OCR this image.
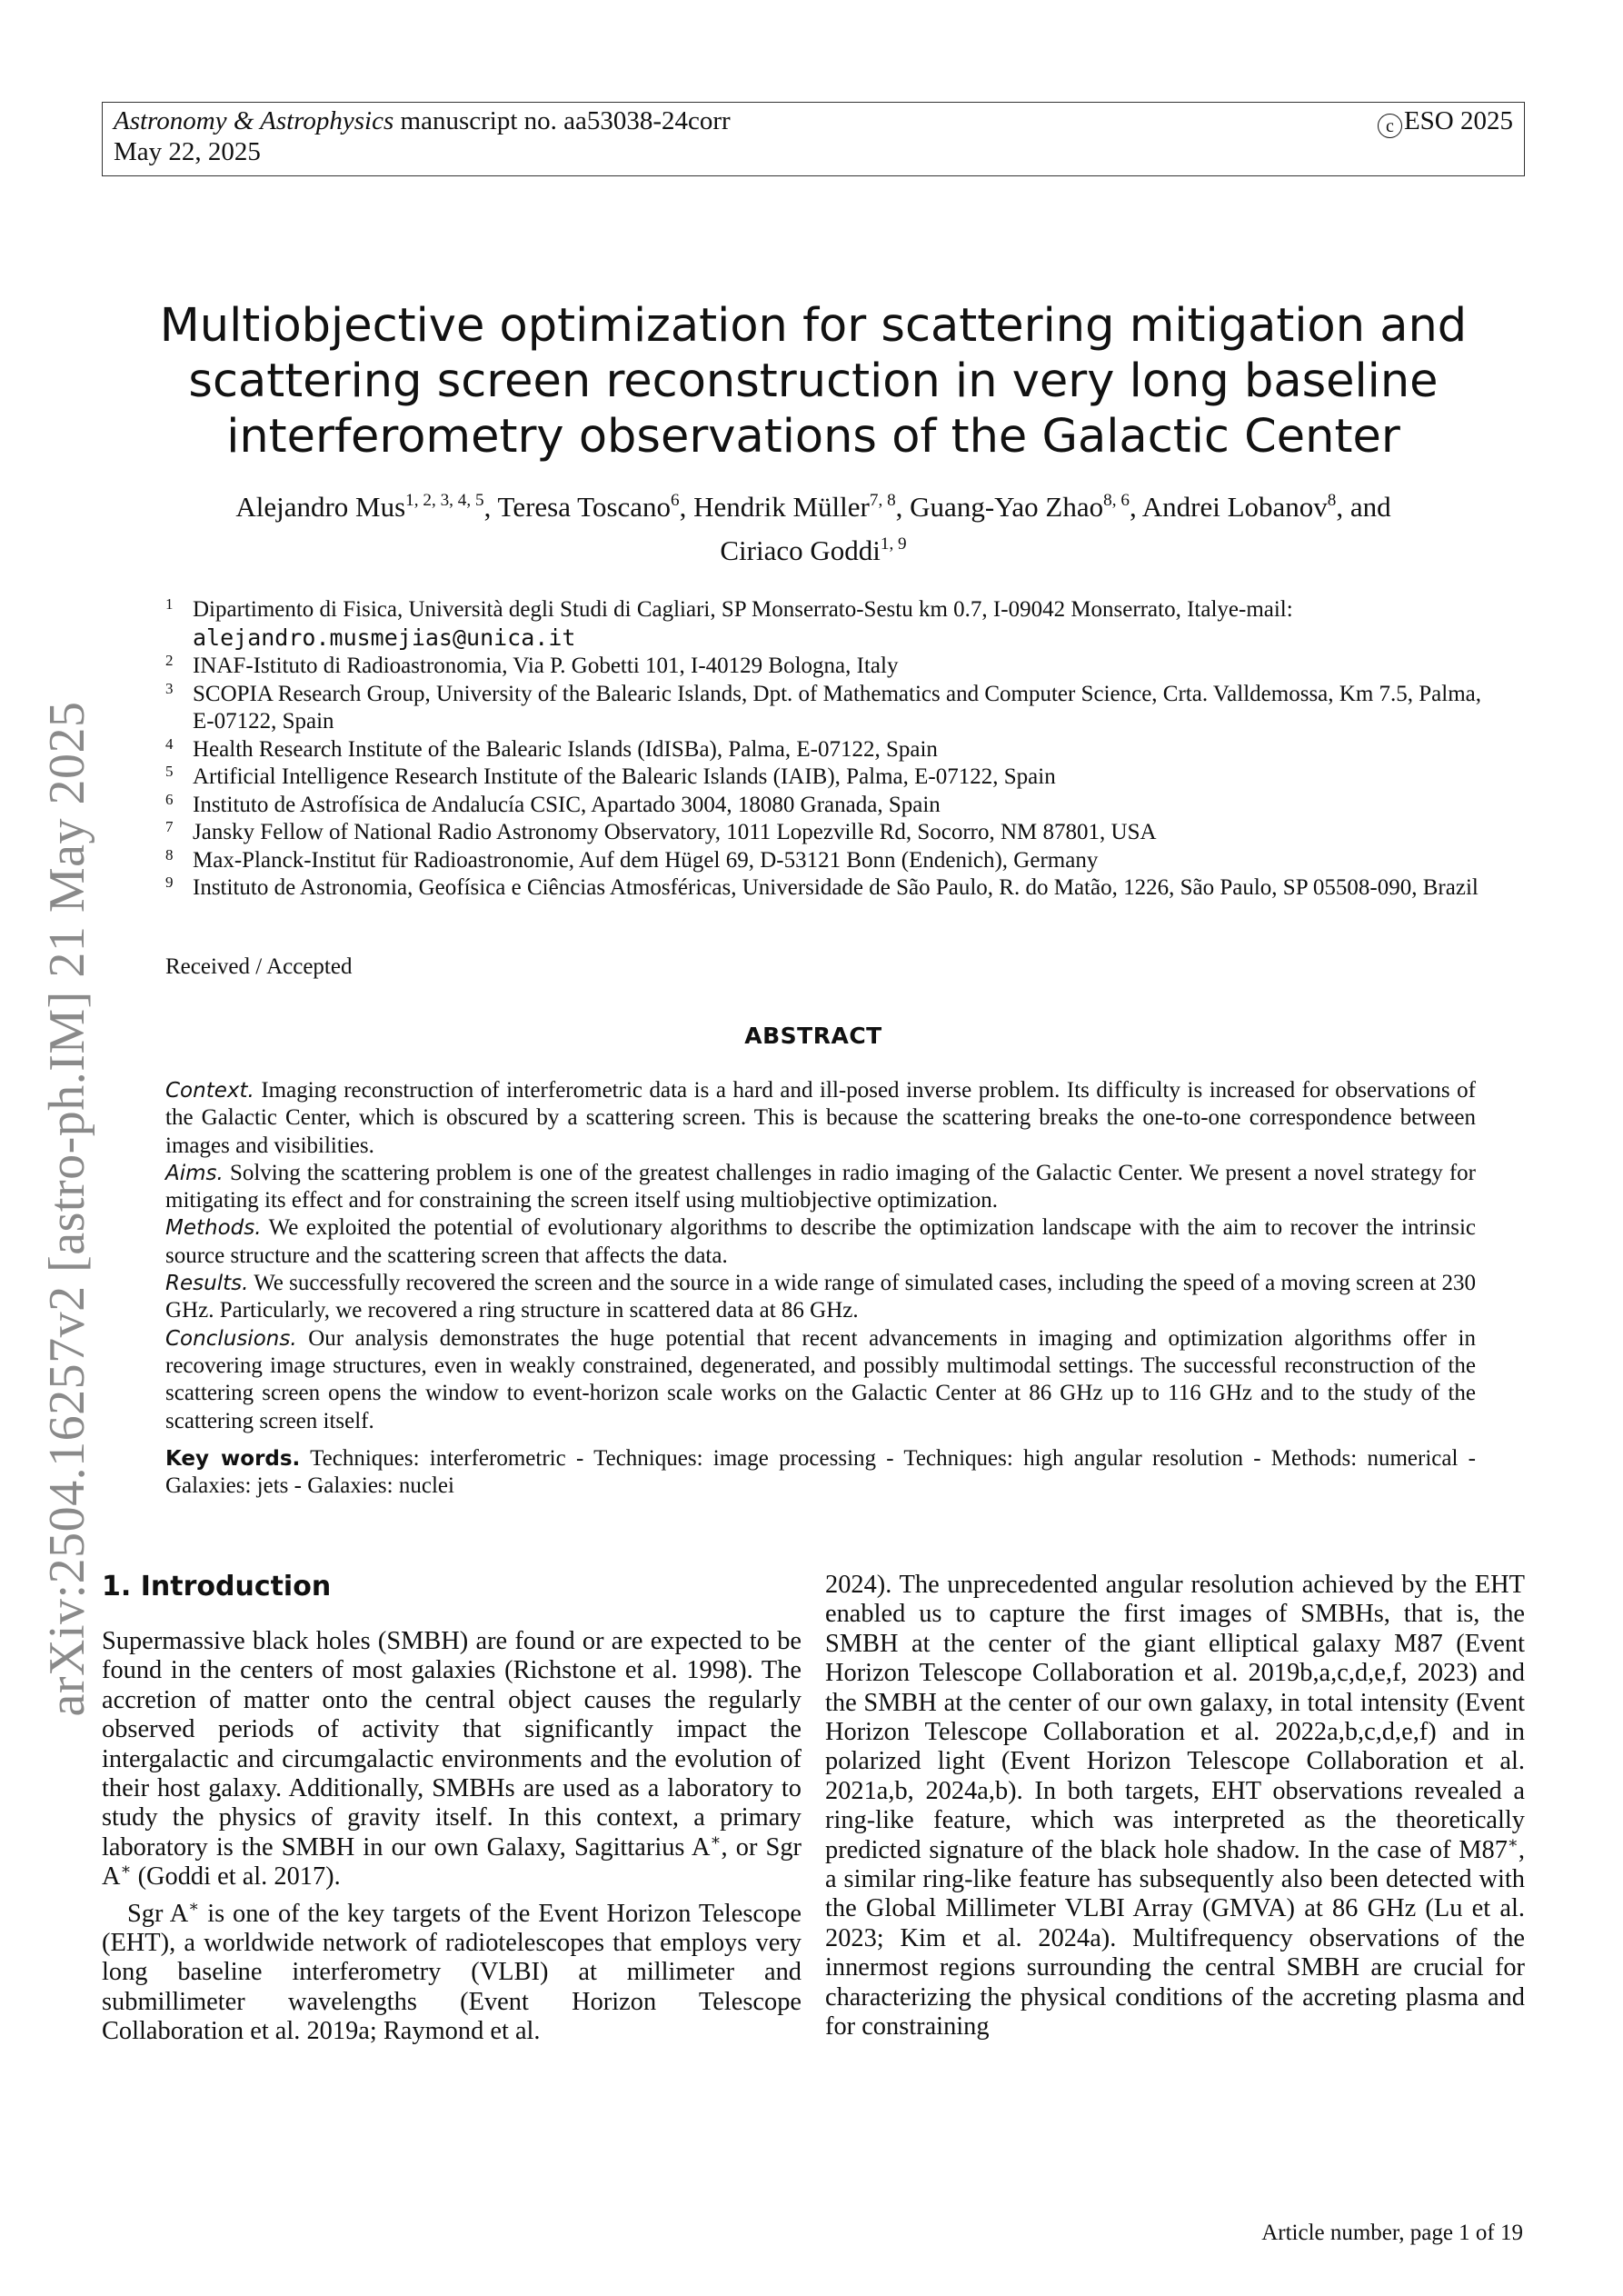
Astronomy & Astrophysics manuscript no. aa53038-24corr
May 22, 2025
c ESO 2025
arXiv:2504.16257v2 [astro-ph.IM] 21 May 2025
Multiobjective optimization for scattering mitigation and scattering screen reconstruction in very long baseline interferometry observations of the Galactic Center
Alejandro Mus$^{1, 2, 3, 4, 5}$, Teresa Toscano$^6$, Hendrik Müller$^{7, 8}$, Guang-Yao Zhao$^{8, 6}$, Andrei Lobanov$^8$, and
Ciriaco Goddi$^{1, 9}$
1 Dipartimento di Fisica, Università degli Studi di Cagliari, SP Monserrato-Sestu km 0.7, I-09042 Monserrato, Italye-mail: alejandro.musmejias@unica.it
2 INAF-Istituto di Radioastronomia, Via P. Gobetti 101, I-40129 Bologna, Italy
3 SCOPIA Research Group, University of the Balearic Islands, Dpt. of Mathematics and Computer Science, Crta. Valldemossa, Km 7.5, Palma, E-07122, Spain
4 Health Research Institute of the Balearic Islands (IdISBa), Palma, E-07122, Spain
5 Artificial Intelligence Research Institute of the Balearic Islands (IAIB), Palma, E-07122, Spain
6 Instituto de Astrofísica de Andalucía CSIC, Apartado 3004, 18080 Granada, Spain
7 Jansky Fellow of National Radio Astronomy Observatory, 1011 Lopezville Rd, Socorro, NM 87801, USA
8 Max-Planck-Institut für Radioastronomie, Auf dem Hügel 69, D-53121 Bonn (Endenich), Germany
9 Instituto de Astronomia, Geofísica e Ciências Atmosféricas, Universidade de São Paulo, R. do Matão, 1226, São Paulo, SP 05508-090, Brazil
Received / Accepted
ABSTRACT

Context. Imaging reconstruction of interferometric data is a hard and ill-posed inverse problem. Its difficulty is increased for observations of the Galactic Center, which is obscured by a scattering screen. This is because the scattering breaks the one-to-one correspondence between images and visibilities.

Aims. Solving the scattering problem is one of the greatest challenges in radio imaging of the Galactic Center. We present a novel strategy for mitigating its effect and for constraining the screen itself using multiobjective optimization.

Methods. We exploited the potential of evolutionary algorithms to describe the optimization landscape with the aim to recover the intrinsic source structure and the scattering screen that affects the data.

Results. We successfully recovered the screen and the source in a wide range of simulated cases, including the speed of a moving screen at 230 GHz. Particularly, we recovered a ring structure in scattered data at 86 GHz.

Conclusions. Our analysis demonstrates the huge potential that recent advancements in imaging and optimization algorithms offer in recovering image structures, even in weakly constrained, degenerated, and possibly multimodal settings. The successful reconstruction of the scattering screen opens the window to event-horizon scale works on the Galactic Center at 86 GHz up to 116 GHz and to the study of the scattering screen itself.

Key words. Techniques: interferometric - Techniques: image processing - Techniques: high angular resolution - Methods: numerical - Galaxies: jets - Galaxies: nuclei
1. Introduction

Supermassive black holes (SMBH) are found or are expected to be found in the centers of most galaxies (Richstone et al. 1998). The accretion of matter onto the central object causes the regularly observed periods of activity that significantly impact the intergalactic and circumgalactic environments and the evolution of their host galaxy. Additionally, SMBHs are used as a laboratory to study the physics of gravity itself. In this context, a primary laboratory is the SMBH in our own Galaxy, Sagittarius A∗, or Sgr A∗ (Goddi et al. 2017).

Sgr A∗ is one of the key targets of the Event Horizon Telescope (EHT), a worldwide network of radiotelescopes that employs very long baseline interferometry (VLBI) at millimeter and submillimeter wavelengths (Event Horizon Telescope Collaboration et al. 2019a; Raymond et al.

2024). The unprecedented angular resolution achieved by the EHT enabled us to capture the first images of SMBHs, that is, the SMBH at the center of the giant elliptical galaxy M87 (Event Horizon Telescope Collaboration et al. 2019b,a,c,d,e,f, 2023) and the SMBH at the center of our own galaxy, in total intensity (Event Horizon Telescope Collaboration et al. 2022a,b,c,d,e,f) and in polarized light (Event Horizon Telescope Collaboration et al. 2021a,b, 2024a,b). In both targets, EHT observations revealed a ring-like feature, which was interpreted as the theoretically predicted signature of the black hole shadow. In the case of M87∗, a similar ring-like feature has subsequently also been detected with the Global Millimeter VLBI Array (GMVA) at 86 GHz (Lu et al. 2023; Kim et al. 2024a). Multifrequency observations of the innermost regions surrounding the central SMBH are crucial for characterizing the physical conditions of the accreting plasma and for constraining

Article number, page 1 of 19
